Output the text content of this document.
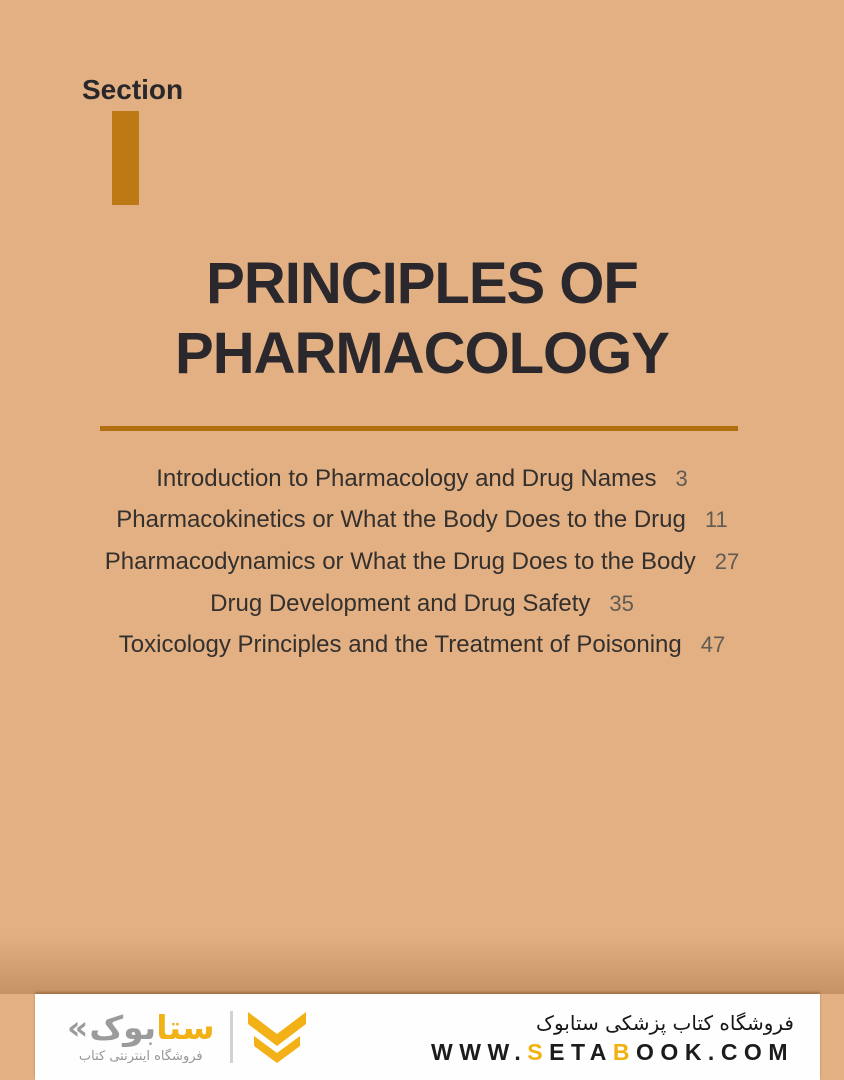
Section
PRINCIPLES OF
PHARMACOLOGY
Introduction to Pharmacology and Drug Names 3
Pharmacokinetics or What the Body Does to the Drug 11
Pharmacodynamics or What the Drug Does to the Body 27
Drug Development and Drug Safety 35
Toxicology Principles and the Treatment of Poisoning 47
«	ستابوک
فروشگاه اینترنتی کتاب
فروشگاه کتاب پزشکی ستابوک
WWW.SETABOOK.COM
